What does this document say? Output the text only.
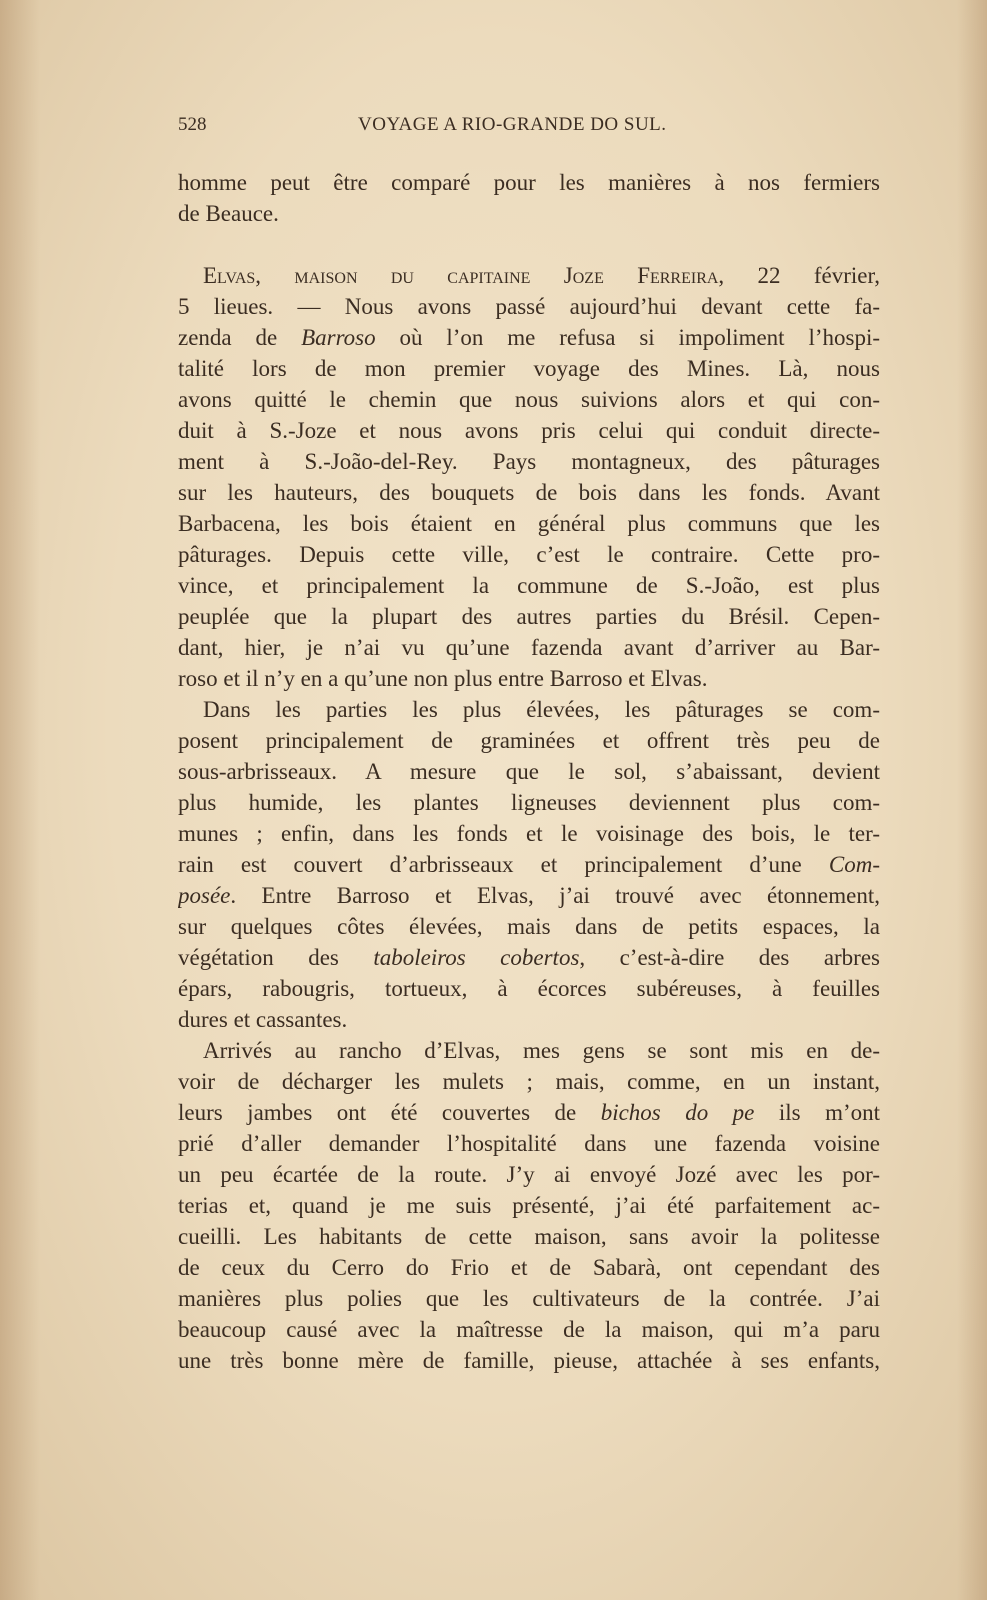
528	VOYAGE A RIO-GRANDE DO SUL.
homme peut être comparé pour les manières à nos fermiers
de Beauce.
Elvas, maison du capitaine Joze Ferreira, 22 février,
5 lieues. — Nous avons passé aujourd’hui devant cette fa-
zenda de Barroso où l’on me refusa si impoliment l’hospi-
talité lors de mon premier voyage des Mines. Là, nous
avons quitté le chemin que nous suivions alors et qui con-
duit à S.-Joze et nous avons pris celui qui conduit directe-
ment à S.-João-del-Rey. Pays montagneux, des pâturages
sur les hauteurs, des bouquets de bois dans les fonds. Avant
Barbacena, les bois étaient en général plus communs que les
pâturages. Depuis cette ville, c’est le contraire. Cette pro-
vince, et principalement la commune de S.-João, est plus
peuplée que la plupart des autres parties du Brésil. Cepen-
dant, hier, je n’ai vu qu’une fazenda avant d’arriver au Bar-
roso et il n’y en a qu’une non plus entre Barroso et Elvas.
Dans les parties les plus élevées, les pâturages se com-
posent principalement de graminées et offrent très peu de
sous-arbrisseaux. A mesure que le sol, s’abaissant, devient
plus humide, les plantes ligneuses deviennent plus com-
munes ; enfin, dans les fonds et le voisinage des bois, le ter-
rain est couvert d’arbrisseaux et principalement d’une Com-
posée. Entre Barroso et Elvas, j’ai trouvé avec étonnement,
sur quelques côtes élevées, mais dans de petits espaces, la
végétation des taboleiros cobertos, c’est-à-dire des arbres
épars, rabougris, tortueux, à écorces subéreuses, à feuilles
dures et cassantes.
Arrivés au rancho d’Elvas, mes gens se sont mis en de-
voir de décharger les mulets ; mais, comme, en un instant,
leurs jambes ont été couvertes de bichos do pe ils m’ont
prié d’aller demander l’hospitalité dans une fazenda voisine
un peu écartée de la route. J’y ai envoyé Jozé avec les por-
terias et, quand je me suis présenté, j’ai été parfaitement ac-
cueilli. Les habitants de cette maison, sans avoir la politesse
de ceux du Cerro do Frio et de Sabarà, ont cependant des
manières plus polies que les cultivateurs de la contrée. J’ai
beaucoup causé avec la maîtresse de la maison, qui m’a paru
une très bonne mère de famille, pieuse, attachée à ses enfants,
